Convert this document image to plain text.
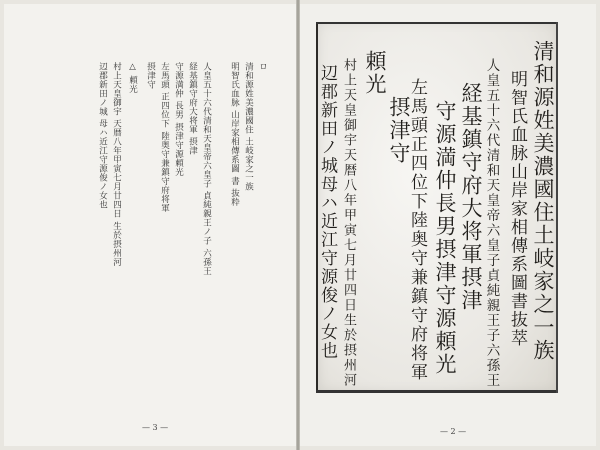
ロ
清和源姓美濃國住 土岐家之一族
明智氏血脉 山岸家相傳系圖 書 抜粋
人皇五十六代清和天皇帝六皇子 貞純親王ノ子 六孫王
経基鎮守府大将軍 摂津
守源満仲 長男 摂津守源頼光
左馬頭 正四位下 陸奥守兼鎮守府将軍
摂津守
△ 頼光
村上天皇御宇 天暦八年甲寅七月廿四日 生於摂州河
辺郡新田ノ城 母ハ近江守源俊ノ女也
— 3 —
清和源姓美濃國住土岐家之一族
明智氏血脉山岸家相傳系圖書抜萃
人皇五十六代清和天皇帝六皇子貞純親王子六孫王
経基鎮守府大将軍摂津
守源満仲長男摂津守源頼光
左馬頭正四位下陸奥守兼鎮守府将軍
摂津守
頼光
村上天皇御宇天暦八年甲寅七月廿四日生於摂州河
辺郡新田ノ城母ハ近江守源俊ノ女也
— 2 —
